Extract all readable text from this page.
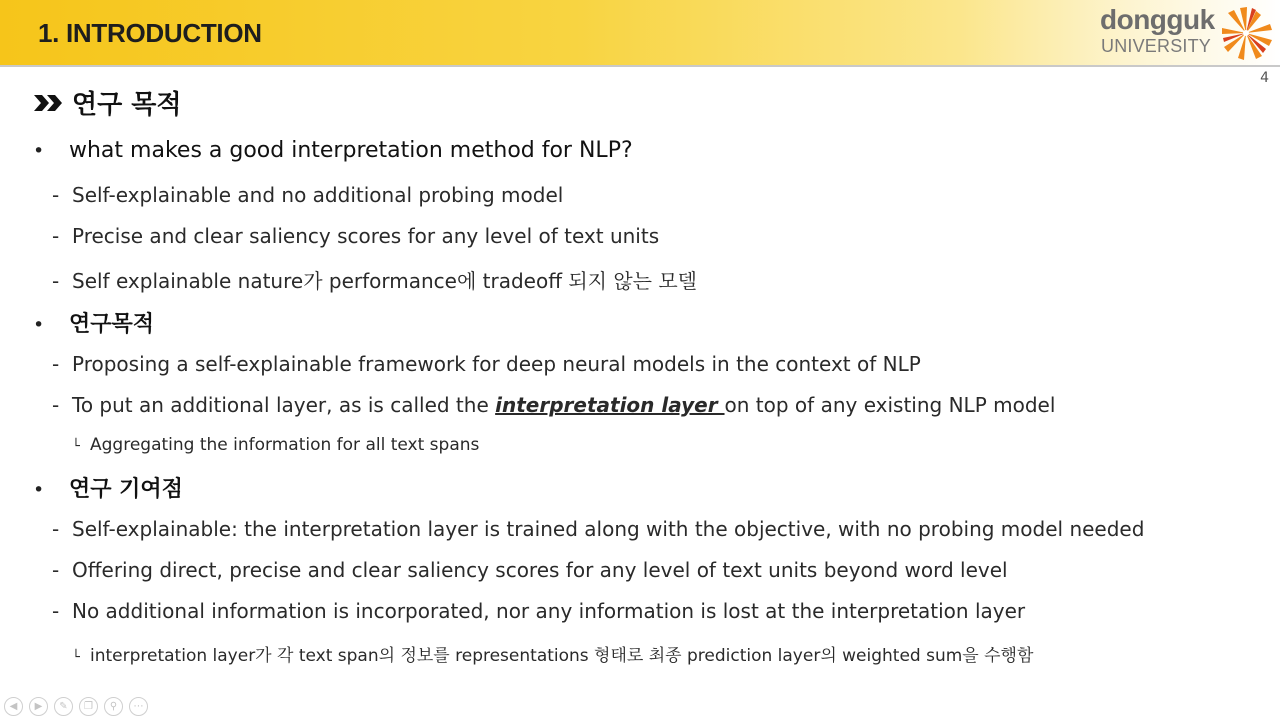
1. INTRODUCTION	dongguk
UNIVERSITY
4
연구 목적
• what makes a good interpretation method for NLP?
- Self-explainable and no additional probing model
- Precise and clear saliency scores for any level of text units
- Self explainable nature가 performance에 tradeoff 되지 않는 모델
• 연구목적
- Proposing a self-explainable framework for deep neural models in the context of NLP
- To put an additional layer, as is called the interpretation layer on top of any existing NLP model
└ Aggregating the information for all text spans
• 연구 기여점
- Self-explainable: the interpretation layer is trained along with the objective, with no probing model needed
- Offering direct, precise and clear saliency scores for any level of text units beyond word level
- No additional information is incorporated, nor any information is lost at the interpretation layer
└ interpretation layer가 각 text span의 정보를 representations 형태로 최종 prediction layer의 weighted sum을 수행함
◀	▶	✎	❐	⚲	⋯
